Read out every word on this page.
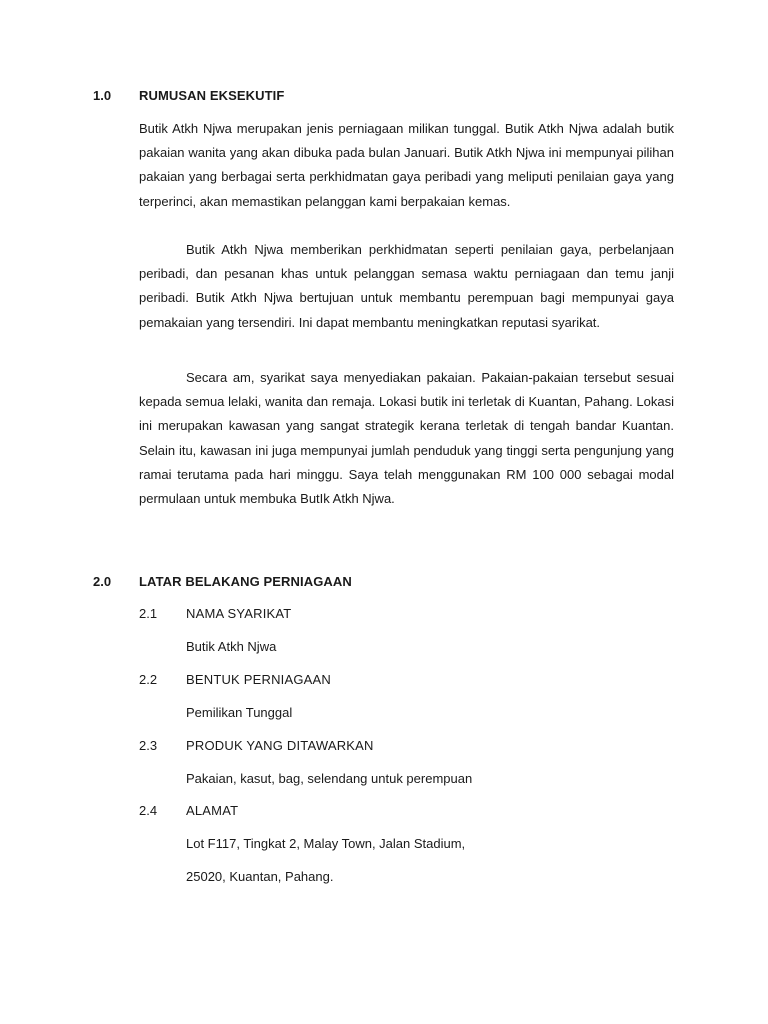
1.0 RUMUSAN EKSEKUTIF

Butik Atkh Njwa merupakan jenis perniagaan milikan tunggal. Butik Atkh Njwa adalah butik pakaian wanita yang akan dibuka pada bulan Januari. Butik Atkh Njwa ini mempunyai pilihan pakaian yang berbagai serta perkhidmatan gaya peribadi yang meliputi penilaian gaya yang terperinci, akan memastikan pelanggan kami berpakaian kemas.

Butik Atkh Njwa memberikan perkhidmatan seperti penilaian gaya, perbelanjaan peribadi, dan pesanan khas untuk pelanggan semasa waktu perniagaan dan temu janji peribadi. Butik Atkh Njwa bertujuan untuk membantu perempuan bagi mempunyai gaya pemakaian yang tersendiri. Ini dapat membantu meningkatkan reputasi syarikat.

Secara am, syarikat saya menyediakan pakaian. Pakaian-pakaian tersebut sesuai kepada semua lelaki, wanita dan remaja. Lokasi butik ini terletak di Kuantan, Pahang. Lokasi ini merupakan kawasan yang sangat strategik kerana terletak di tengah bandar Kuantan. Selain itu, kawasan ini juga mempunyai jumlah penduduk yang tinggi serta pengunjung yang ramai terutama pada hari minggu. Saya telah menggunakan RM 100 000 sebagai modal permulaan untuk membuka ButIk Atkh Njwa.

2.0 LATAR BELAKANG PERNIAGAAN
2.1 NAMA SYARIKAT
Butik Atkh Njwa
2.2 BENTUK PERNIAGAAN
Pemilikan Tunggal
2.3 PRODUK YANG DITAWARKAN
Pakaian, kasut, bag, selendang untuk perempuan
2.4 ALAMAT
Lot F117, Tingkat 2, Malay Town, Jalan Stadium,
25020, Kuantan, Pahang.
